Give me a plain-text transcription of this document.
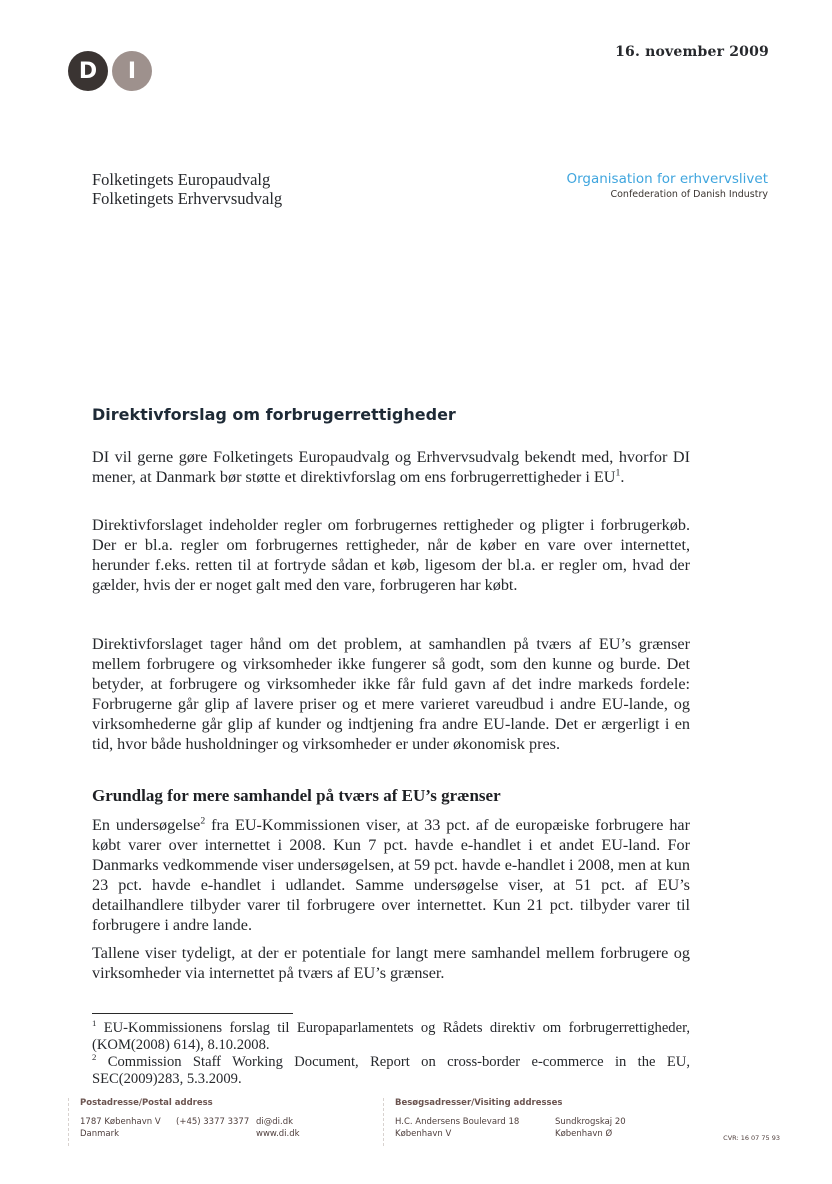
D	I
16. november 2009
Folketingets Europaudvalg
Folketingets Erhvervsudvalg
Organisation for erhvervslivet
Confederation of Danish Industry
Direktivforslag om forbrugerrettigheder
DI vil gerne gøre Folketingets Europaudvalg og Erhvervsudvalg bekendt med, hvorfor DI mener, at Danmark bør støtte et direktivforslag om ens forbrugerrettigheder i $EU^1$.
Direktivforslaget indeholder regler om forbrugernes rettigheder og pligter i forbrugerkøb. Der er bl.a. regler om forbrugernes rettigheder, når de køber en vare over internettet, herunder f.eks. retten til at fortryde sådan et køb, ligesom der bl.a. er regler om, hvad der gælder, hvis der er noget galt med den vare, forbrugeren har købt.
Direktivforslaget tager hånd om det problem, at samhandlen på tværs af EU’s grænser mellem forbrugere og virksomheder ikke fungerer så godt, som den kunne og burde. Det betyder, at forbrugere og virksomheder ikke får fuld gavn af det indre markeds fordele: Forbrugerne går glip af lavere priser og et mere varieret vareudbud i andre EU-lande, og virksomhederne går glip af kunder og indtjening fra andre EU-lande. Det er ærgerligt i en tid, hvor både husholdninger og virksomheder er under økonomisk pres.
Grundlag for mere samhandel på tværs af EU’s grænser
En undersøgelse$^2$ fra EU-Kommissionen viser, at 33 pct. af de europæiske forbrugere har købt varer over internettet i 2008. Kun 7 pct. havde e-handlet i et andet EU-land. For Danmarks vedkommende viser undersøgelsen, at 59 pct. havde e-handlet i 2008, men at kun 23 pct. havde e-handlet i udlandet. Samme undersøgelse viser, at 51 pct. af EU’s detailhandlere tilbyder varer til forbrugere over internettet. Kun 21 pct. tilbyder varer til forbrugere i andre lande.
Tallene viser tydeligt, at der er potentiale for langt mere samhandel mellem forbrugere og virksomheder via internettet på tværs af EU’s grænser.
$^1$ EU-Kommissionens forslag til Europaparlamentets og Rådets direktiv om forbrugerrettigheder, (KOM(2008) 614), 8.10.2008.
$^2$ Commission Staff Working Document, Report on cross-border e-commerce in the EU, SEC(2009)283, 5.3.2009.
Postadresse/Postal address
1787 København V
Danmark
(+45) 3377 3377 di@di.dk
www.di.dk
Besøgsadresser/Visiting addresses
H.C. Andersens Boulevard 18
København V
Sundkrogskaj 20
København Ø	CVR: 16 07 75 93
